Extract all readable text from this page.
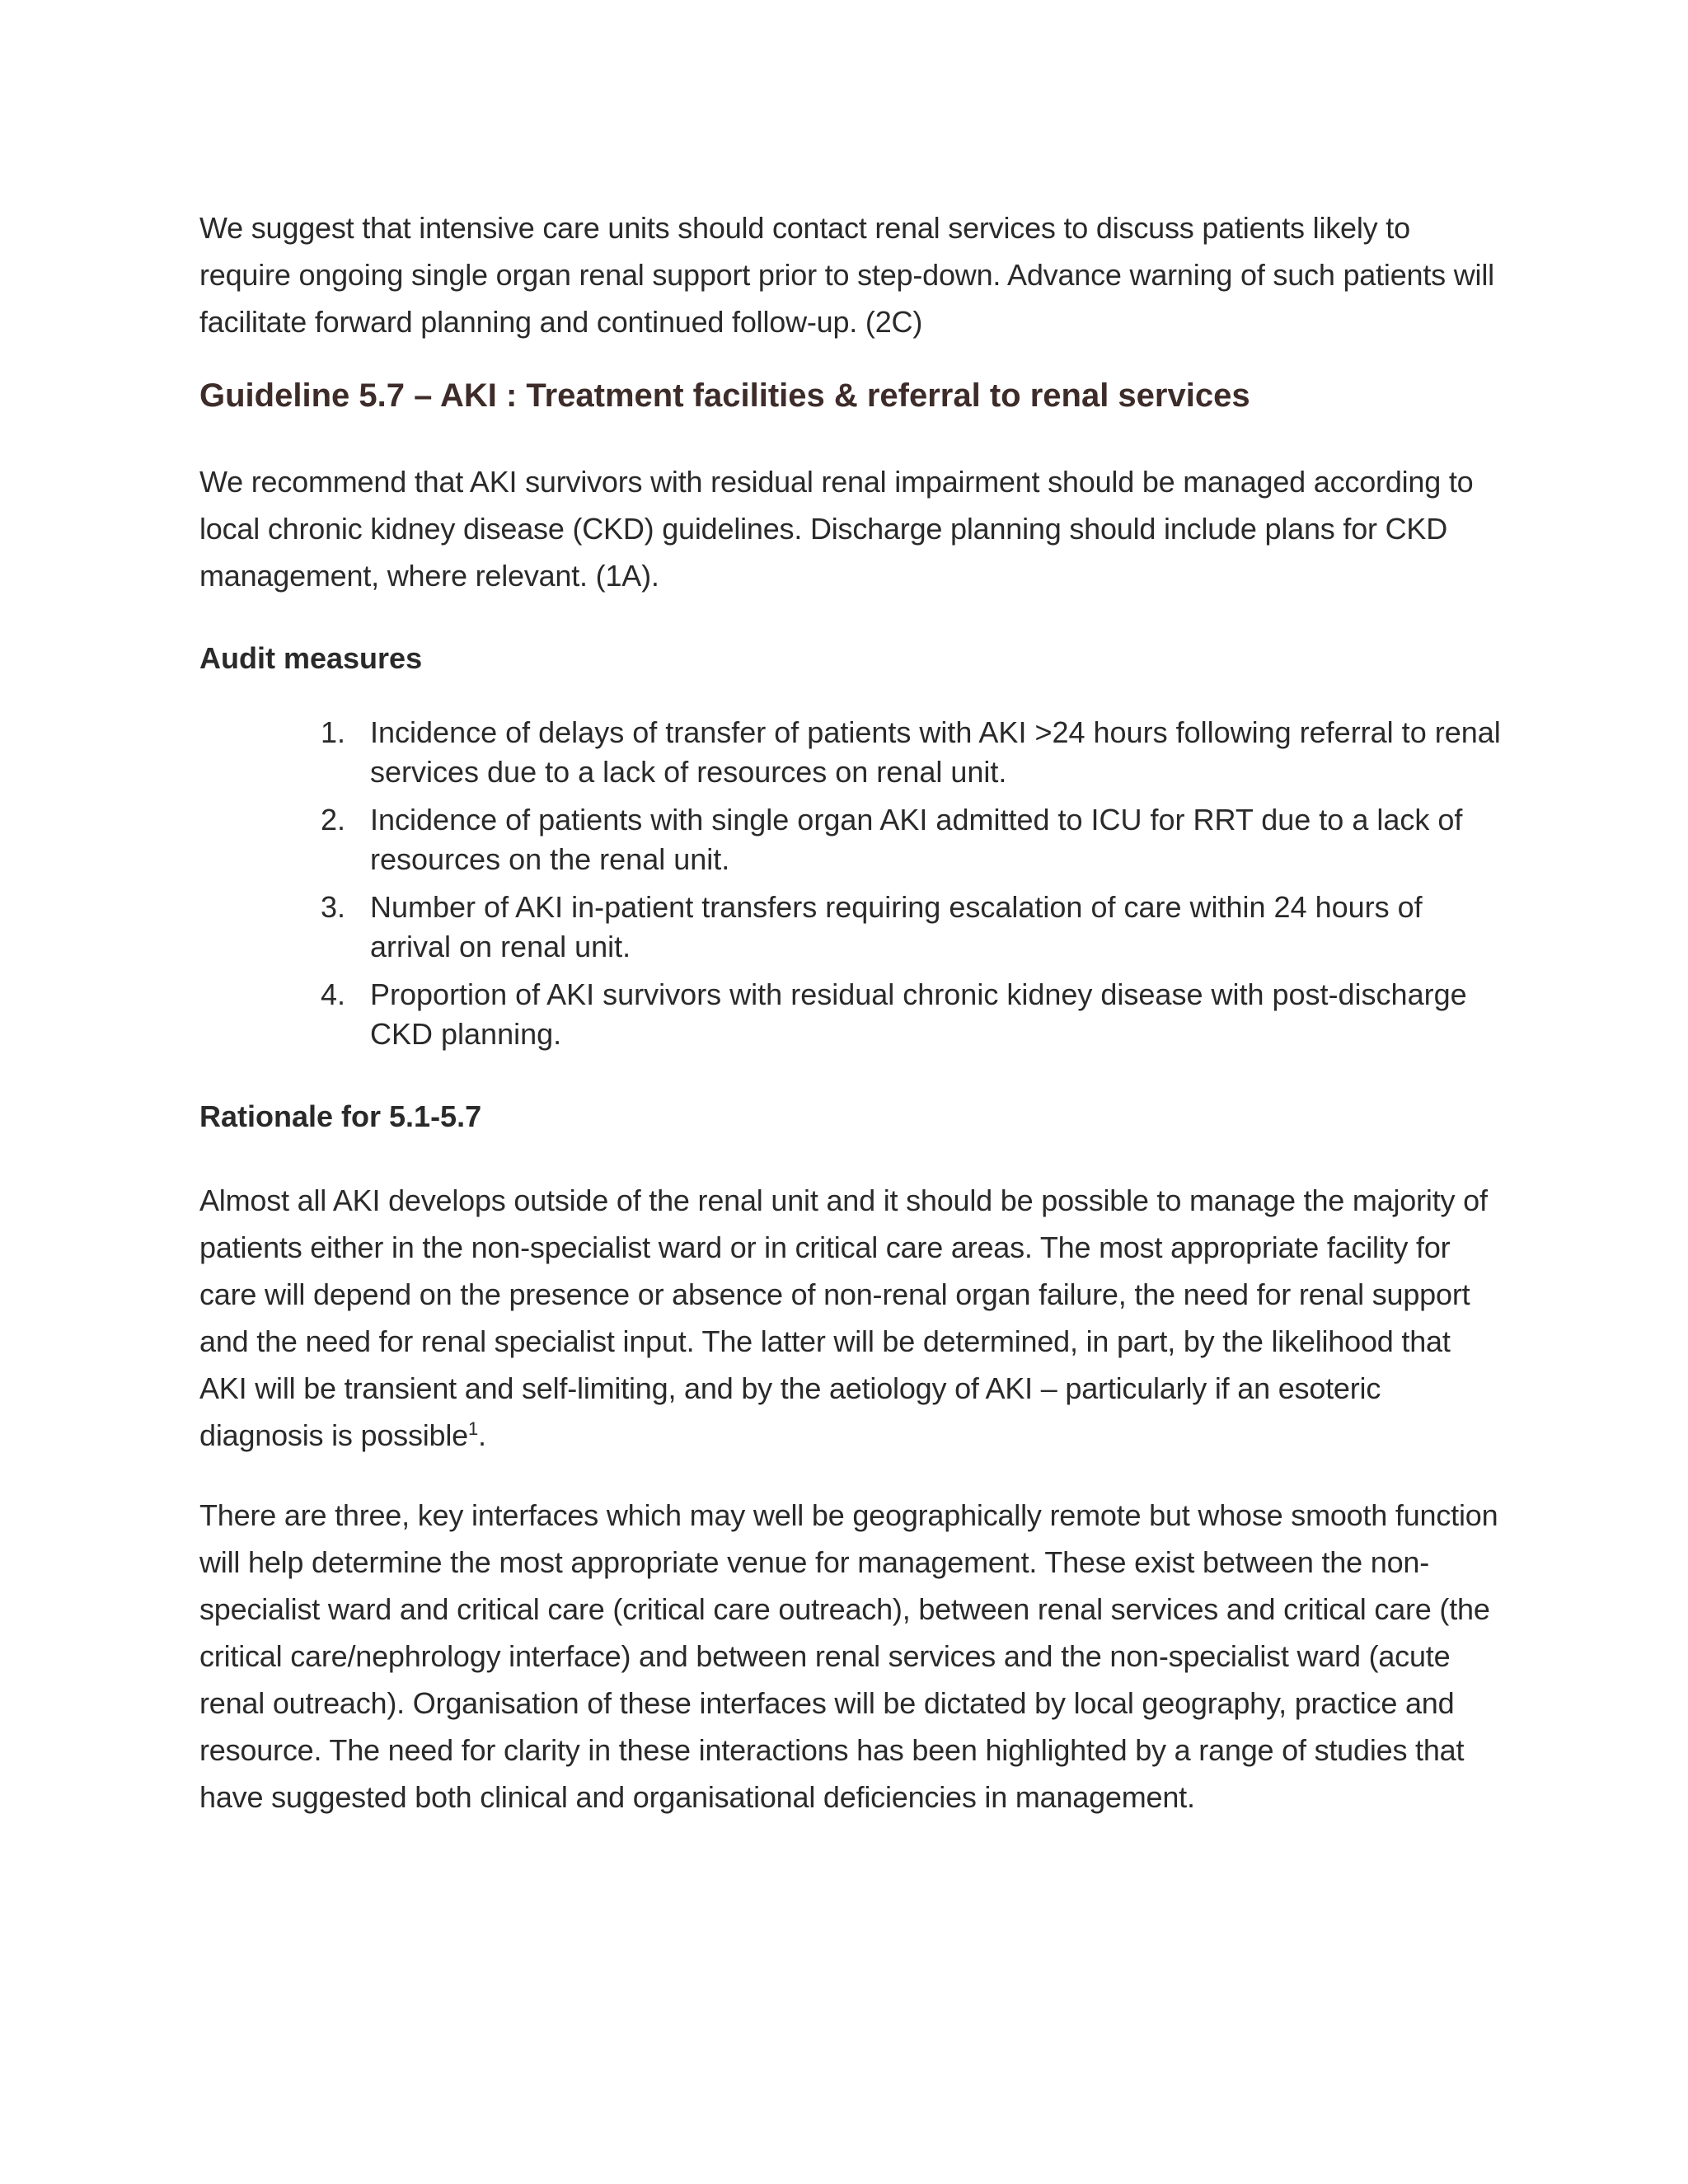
We suggest that intensive care units should contact renal services to discuss patients likely to require ongoing single organ renal support prior to step-down. Advance warning of such patients will facilitate forward planning and continued follow-up. (2C)

Guideline 5.7 – AKI : Treatment facilities & referral to renal services

We recommend that AKI survivors with residual renal impairment should be managed according to local chronic kidney disease (CKD) guidelines. Discharge planning should include plans for CKD management, where relevant. (1A).

Audit measures
1. Incidence of delays of transfer of patients with AKI >24 hours following referral to renal services due to a lack of resources on renal unit.
2. Incidence of patients with single organ AKI admitted to ICU for RRT due to a lack of resources on the renal unit.
3. Number of AKI in-patient transfers requiring escalation of care within 24 hours of arrival on renal unit.
4. Proportion of AKI survivors with residual chronic kidney disease with post-discharge CKD planning.
Rationale for 5.1-5.7

Almost all AKI develops outside of the renal unit and it should be possible to manage the majority of patients either in the non-specialist ward or in critical care areas. The most appropriate facility for care will depend on the presence or absence of non-renal organ failure, the need for renal support and the need for renal specialist input. The latter will be determined, in part, by the likelihood that AKI will be transient and self-limiting, and by the aetiology of AKI – particularly if an esoteric diagnosis is possible$^1$.

There are three, key interfaces which may well be geographically remote but whose smooth function will help determine the most appropriate venue for management. These exist between the non-specialist ward and critical care (critical care outreach), between renal services and critical care (the critical care/nephrology interface) and between renal services and the non-specialist ward (acute renal outreach). Organisation of these interfaces will be dictated by local geography, practice and resource. The need for clarity in these interactions has been highlighted by a range of studies that have suggested both clinical and organisational deficiencies in management.
